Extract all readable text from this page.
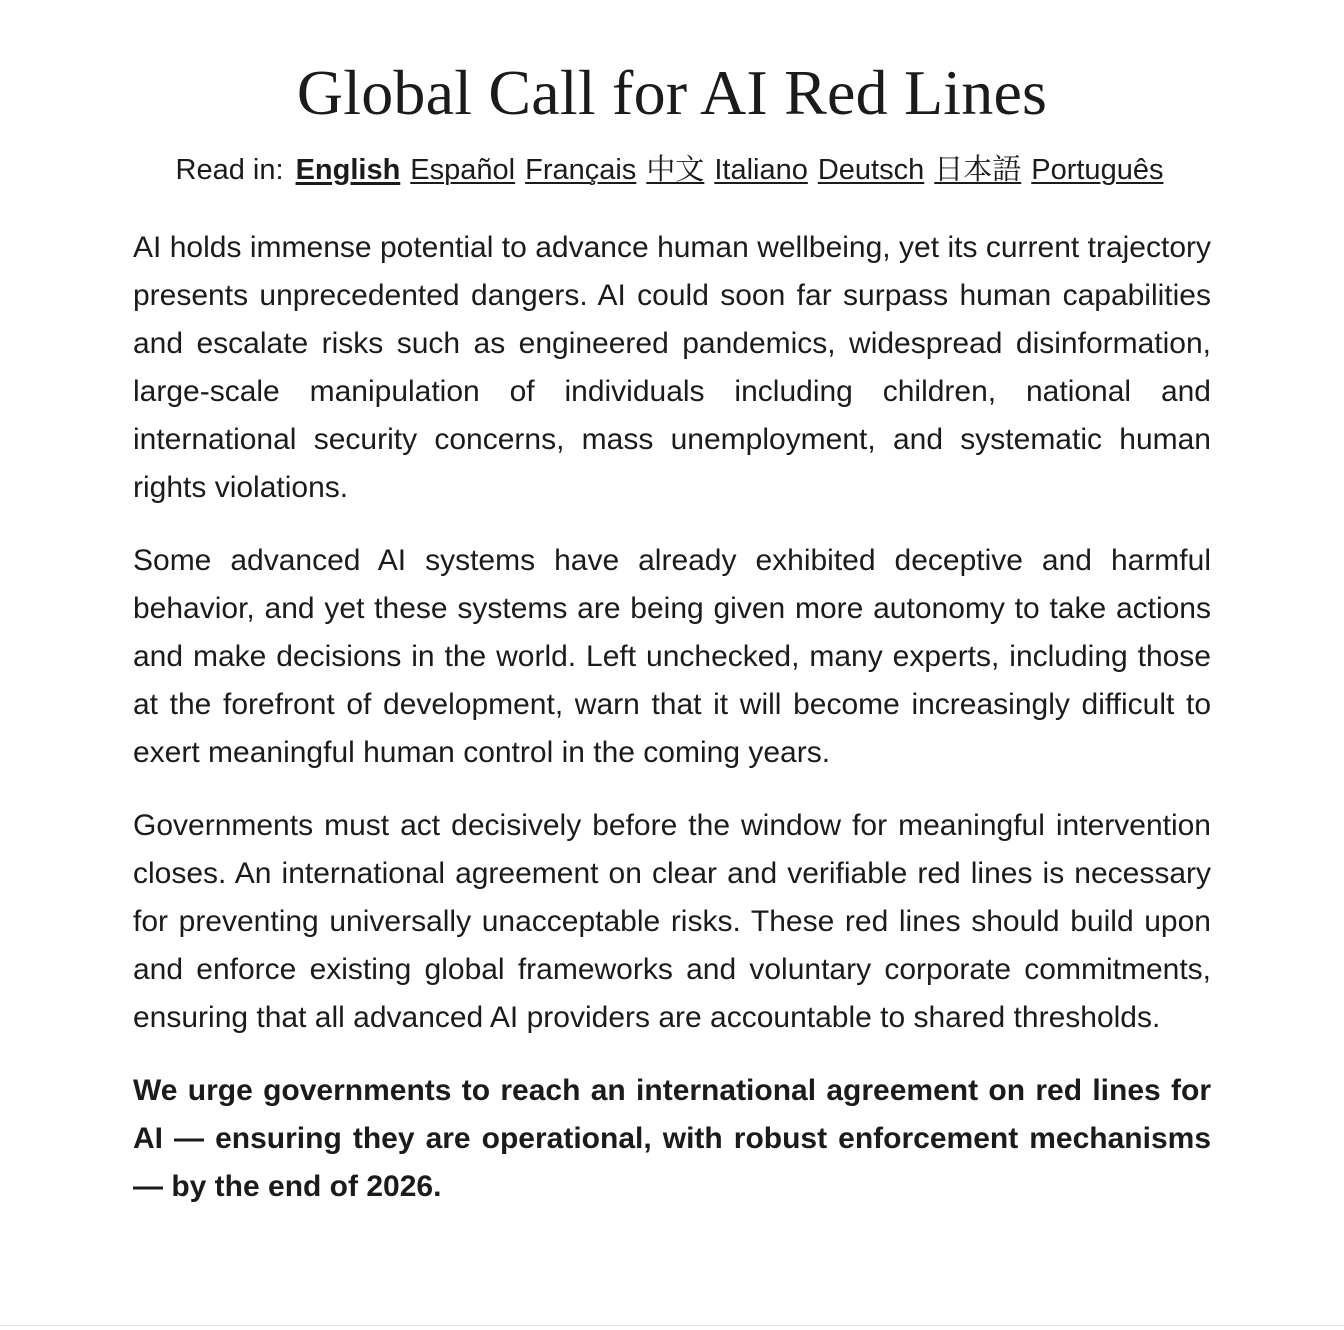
Global Call for AI Red Lines
Read in: English Español Français 中文 Italiano Deutsch 日本語 Português

AI holds immense potential to advance human wellbeing, yet its current trajectory presents unprecedented dangers. AI could soon far surpass human capabilities and escalate risks such as engineered pandemics, widespread disinformation, large-scale manipulation of individuals including children, national and international security concerns, mass unemployment, and systematic human rights violations.

Some advanced AI systems have already exhibited deceptive and harmful behavior, and yet these systems are being given more autonomy to take actions and make decisions in the world. Left unchecked, many experts, including those at the forefront of development, warn that it will become increasingly difficult to exert meaningful human control in the coming years.

Governments must act decisively before the window for meaningful intervention closes. An international agreement on clear and verifiable red lines is necessary for preventing universally unacceptable risks. These red lines should build upon and enforce existing global frameworks and voluntary corporate commitments, ensuring that all advanced AI providers are accountable to shared thresholds.

We urge governments to reach an international agreement on red lines for AI — ensuring they are operational, with robust enforcement mechanisms — by the end of 2026.
